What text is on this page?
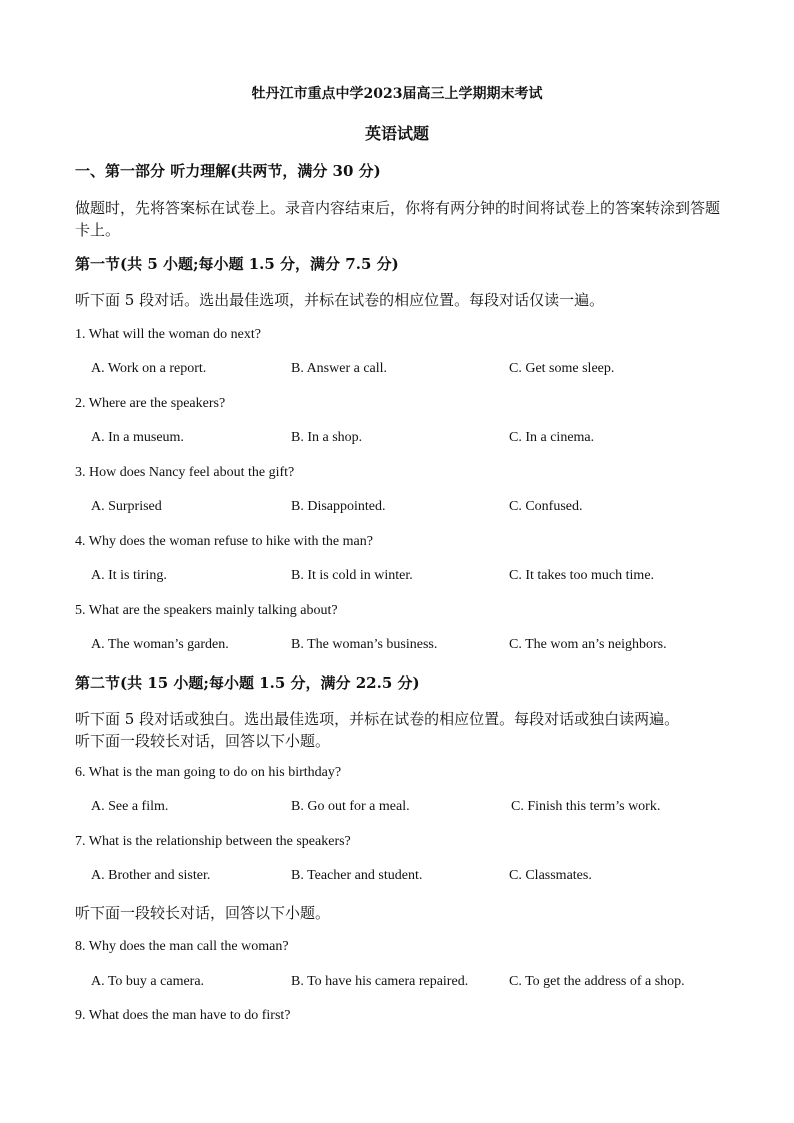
牡丹江市重点中学2023届高三上学期期末考试
英语试题
一、第一部分 听力理解(共两节，满分 30 分)
做题时，先将答案标在试卷上。录音内容结束后，你将有两分钟的时间将试卷上的答案转涂到答题卡上。
第一节(共 5 小题;每小题 1.5 分，满分 7.5 分)
听下面 5 段对话。选出最佳选项，并标在试卷的相应位置。每段对话仅读一遍。
1. What will the woman do next?
A. Work on a report.	B. Answer a call.	C. Get some sleep.
2. Where are the speakers?
A. In a museum.	B. In a shop.	C. In a cinema.
3. How does Nancy feel about the gift?
A. Surprised	B. Disappointed.	C. Confused.
4. Why does the woman refuse to hike with the man?
A. It is tiring.	B. It is cold in winter.	C. It takes too much time.
5. What are the speakers mainly talking about?
A. The woman’s garden.	B. The woman’s business.	C. The wom an’s neighbors.
第二节(共 15 小题;每小题 1.5 分，满分 22.5 分)
听下面 5 段对话或独白。选出最佳选项，并标在试卷的相应位置。每段对话或独白读两遍。
听下面一段较长对话，回答以下小题。
6. What is the man going to do on his birthday?
A. See a film.	B. Go out for a meal.	C. Finish this term’s work.
7. What is the relationship between the speakers?
A. Brother and sister.	B. Teacher and student.	C. Classmates.
听下面一段较长对话，回答以下小题。
8. Why does the man call the woman?
A. To buy a camera.	B. To have his camera repaired.	C. To get the address of a shop.
9. What does the man have to do first?
